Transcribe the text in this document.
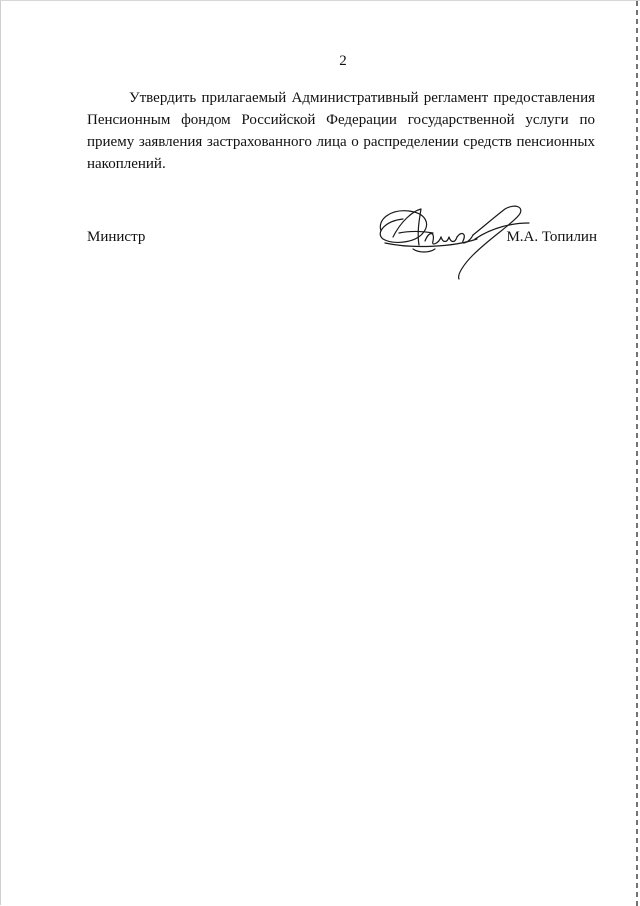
2

Утвердить прилагаемый Административный регламент предоставления Пенсионным фондом Российской Федерации государственной услуги по приему заявления застрахованного лица о распределении средств пенсионных накоплений.

Министр	М.А. Топилин
